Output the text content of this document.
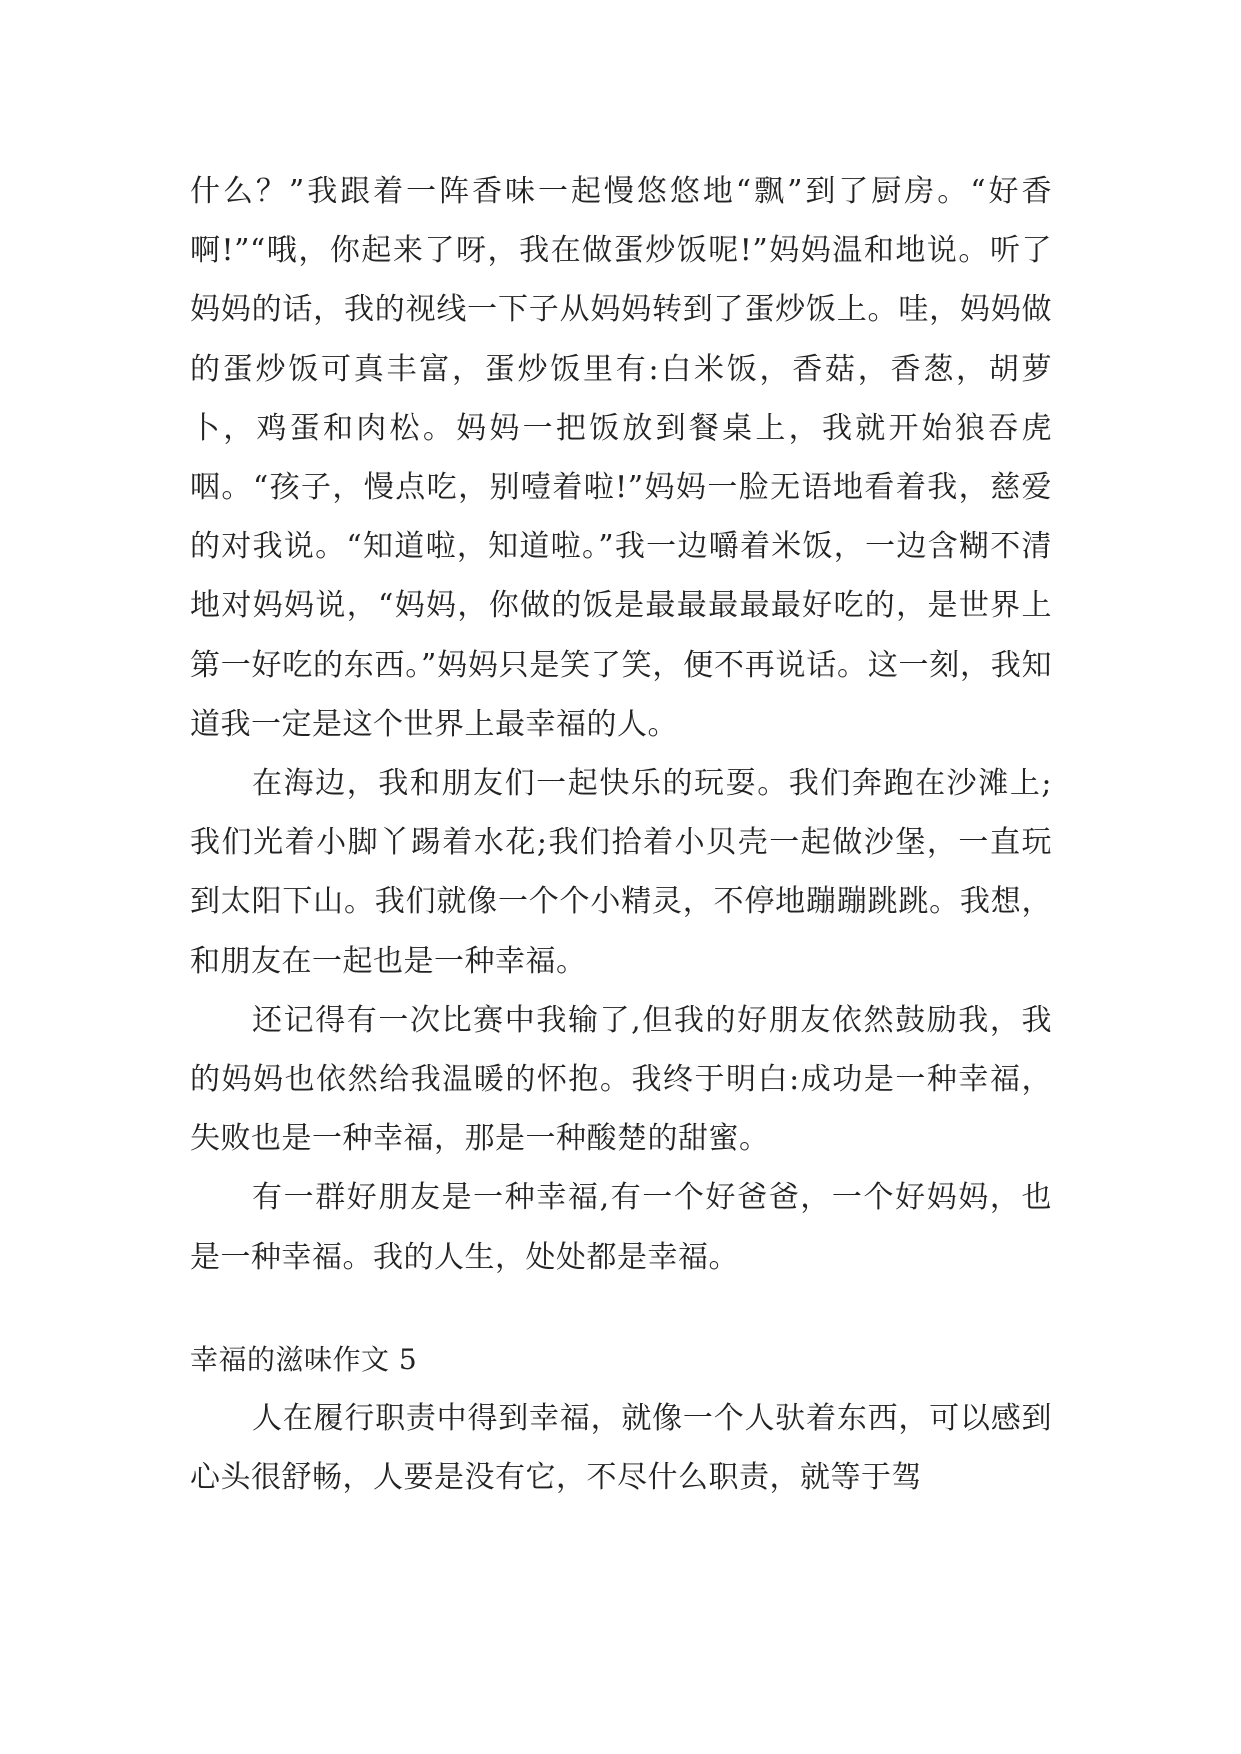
什么？”我跟着一阵香味一起慢悠悠地“飘”到了厨房。“好香啊!”“哦，你起来了呀，我在做蛋炒饭呢!”妈妈温和地说。听了妈妈的话，我的视线一下子从妈妈转到了蛋炒饭上。哇，妈妈做的蛋炒饭可真丰富，蛋炒饭里有:白米饭，香菇，香葱，胡萝卜，鸡蛋和肉松。妈妈一把饭放到餐桌上，我就开始狼吞虎咽。“孩子，慢点吃，别噎着啦!”妈妈一脸无语地看着我，慈爱的对我说。“知道啦，知道啦。”我一边嚼着米饭，一边含糊不清地对妈妈说，“妈妈，你做的饭是最最最最最好吃的，是世界上第一好吃的东西。”妈妈只是笑了笑，便不再说话。这一刻，我知道我一定是这个世界上最幸福的人。

在海边，我和朋友们一起快乐的玩耍。我们奔跑在沙滩上;我们光着小脚丫踢着水花;我们拾着小贝壳一起做沙堡，一直玩到太阳下山。我们就像一个个小精灵，不停地蹦蹦跳跳。我想，和朋友在一起也是一种幸福。

还记得有一次比赛中我输了,但我的好朋友依然鼓励我，我的妈妈也依然给我温暖的怀抱。我终于明白:成功是一种幸福，失败也是一种幸福，那是一种酸楚的甜蜜。

有一群好朋友是一种幸福,有一个好爸爸，一个好妈妈，也是一种幸福。我的人生，处处都是幸福。

幸福的滋味作文 5

人在履行职责中得到幸福，就像一个人驮着东西，可以感到心头很舒畅，人要是没有它，不尽什么职责，就等于驾
